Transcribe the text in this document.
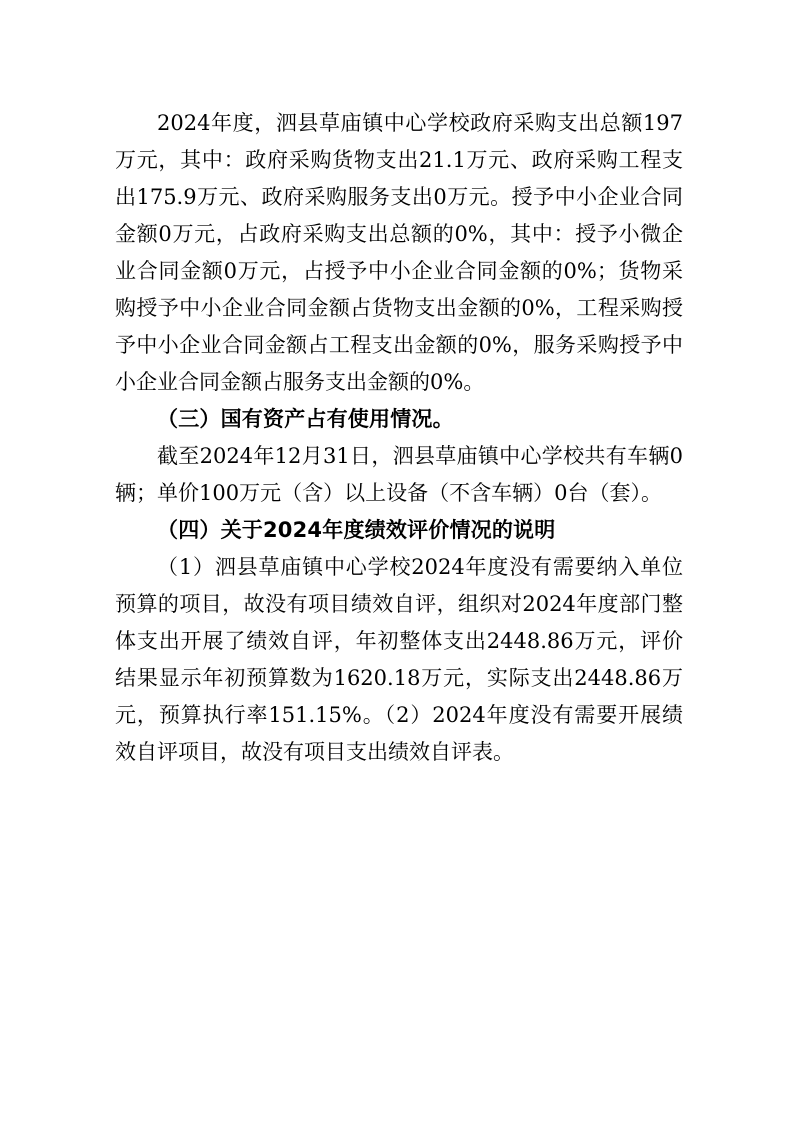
2024年度，泗县草庙镇中心学校政府采购支出总额197万元，其中：政府采购货物支出21.1万元、政府采购工程支出175.9万元、政府采购服务支出0万元。授予中小企业合同金额0万元，占政府采购支出总额的0%，其中：授予小微企业合同金额0万元，占授予中小企业合同金额的0%；货物采购授予中小企业合同金额占货物支出金额的0%，工程采购授予中小企业合同金额占工程支出金额的0%，服务采购授予中小企业合同金额占服务支出金额的0%。

（三）国有资产占有使用情况。

截至2024年12月31日，泗县草庙镇中心学校共有车辆0辆；单价100万元（含）以上设备（不含车辆）0台（套）。

（四）关于2024年度绩效评价情况的说明

（1）泗县草庙镇中心学校2024年度没有需要纳入单位预算的项目，故没有项目绩效自评，组织对2024年度部门整体支出开展了绩效自评，年初整体支出2448.86万元，评价结果显示年初预算数为1620.18万元，实际支出2448.86万元，预算执行率151.15%。（2）2024年度没有需要开展绩效自评项目，故没有项目支出绩效自评表。
